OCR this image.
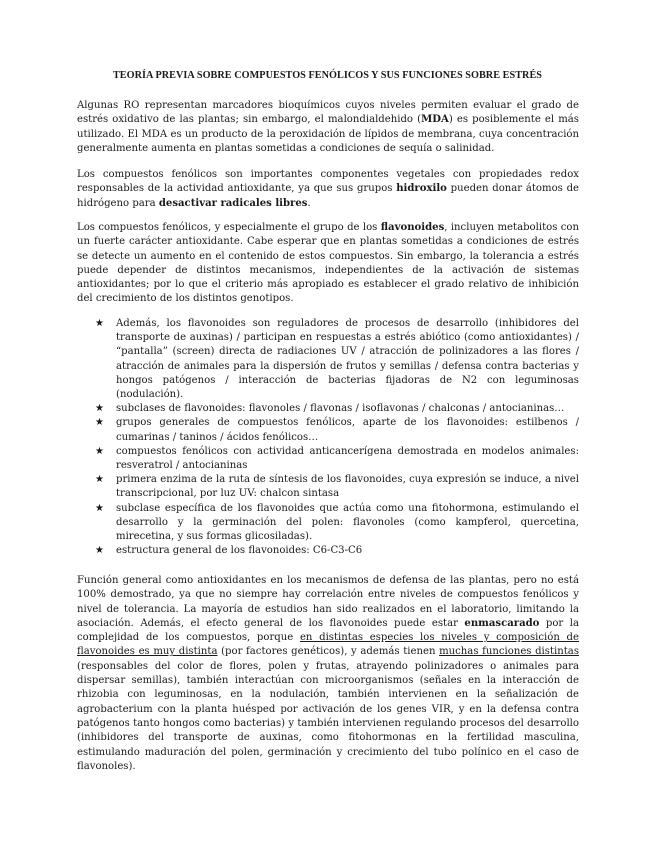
TEORÍA PREVIA SOBRE COMPUESTOS FENÓLICOS Y SUS FUNCIONES SOBRE ESTRÉS

Algunas RO representan marcadores bioquímicos cuyos niveles permiten evaluar el grado de estrés oxidativo de las plantas; sin embargo, el malondialdehido (MDA) es posiblemente el más utilizado. El MDA es un producto de la peroxidación de lípidos de membrana, cuya concentración generalmente aumenta en plantas sometidas a condiciones de sequía o salinidad.

Los compuestos fenólicos son importantes componentes vegetales con propiedades redox responsables de la actividad antioxidante, ya que sus grupos hidroxilo pueden donar átomos de hidrógeno para desactivar radicales libres.

Los compuestos fenólicos, y especialmente el grupo de los flavonoides, incluyen metabolitos con un fuerte carácter antioxidante. Cabe esperar que en plantas sometidas a condiciones de estrés se detecte un aumento en el contenido de estos compuestos. Sin embargo, la tolerancia a estrés puede depender de distintos mecanismos, independientes de la activación de sistemas antioxidantes; por lo que el criterio más apropiado es establecer el grado relativo de inhibición del crecimiento de los distintos genotipos.

★ Además, los flavonoides son reguladores de procesos de desarrollo (inhibidores del transporte de auxinas) / participan en respuestas a estrés abiótico (como antioxidantes) / “pantalla” (screen) directa de radiaciones UV / atracción de polinizadores a las flores / atracción de animales para la dispersión de frutos y semillas / defensa contra bacterias y hongos patógenos / interacción de bacterias fijadoras de N2 con leguminosas (nodulación).
★ subclases de flavonoides: flavonoles / flavonas / isoflavonas / chalconas / antocianinas…
★ grupos generales de compuestos fenólicos, aparte de los flavonoides: estilbenos / cumarinas / taninos / ácidos fenólicos…
★ compuestos fenólicos con actividad anticancerígena demostrada en modelos animales: resveratrol / antocianinas
★ primera enzima de la ruta de síntesis de los flavonoides, cuya expresión se induce, a nivel transcripcional, por luz UV: chalcon sintasa
★ subclase específica de los flavonoides que actúa como una fitohormona, estimulando el desarrollo y la germinación del polen: flavonoles (como kampferol, quercetina, mirecetina, y sus formas glicosiladas).
★ estructura general de los flavonoides: C6-C3-C6

Función general como antioxidantes en los mecanismos de defensa de las plantas, pero no está 100% demostrado, ya que no siempre hay correlación entre niveles de compuestos fenólicos y nivel de tolerancia. La mayoría de estudios han sido realizados en el laboratorio, limitando la asociación. Además, el efecto general de los flavonoides puede estar enmascarado por la complejidad de los compuestos, porque en distintas especies los niveles y composición de flavonoides es muy distinta (por factores genéticos), y además tienen muchas funciones distintas (responsables del color de flores, polen y frutas, atrayendo polinizadores o animales para dispersar semillas), también interactúan con microorganismos (señales en la interacción de rhizobia con leguminosas, en la nodulación, también intervienen en la señalización de agrobacterium con la planta huésped por activación de los genes VIR, y en la defensa contra patógenos tanto hongos como bacterias) y también intervienen regulando procesos del desarrollo (inhibidores del transporte de auxinas, como fitohormonas en la fertilidad masculina, estimulando maduración del polen, germinación y crecimiento del tubo polínico en el caso de flavonoles).
